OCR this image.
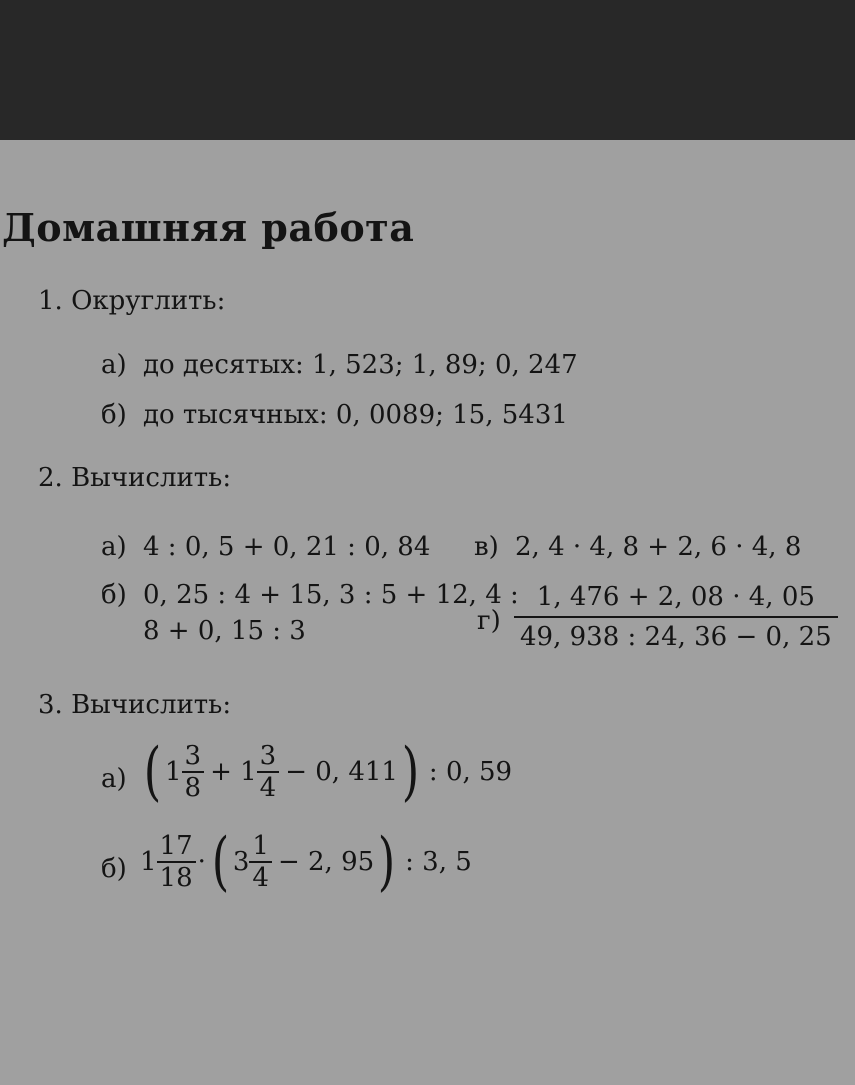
Домашняя работа
1. Округлить:
а) до десятых: 1, 523; 1, 89; 0, 247
б) до тысячных: 0, 0089; 15, 5431
2. Вычислить:
а) 4 : 0, 5 + 0, 21 : 0, 84
б) 0, 25 : 4 + 15, 3 : 5 + 12, 4 :
8 + 0, 15 : 3
в) 2, 4 · 4, 8 + 2, 6 · 4, 8
$г) \frac{1, 476 + 2, 08 \cdot 4, 05}{49, 938 : 24, 36 - 0, 25}$
3. Вычислить:
а) ( $1 \frac{3}{8} + 1 \frac{3}{4} - 0$, 411 ) : 0, 59
б) $1 \frac{17}{18}$ · ( $3 \frac{1}{4} - 2$, 95 ) : 3, 5
